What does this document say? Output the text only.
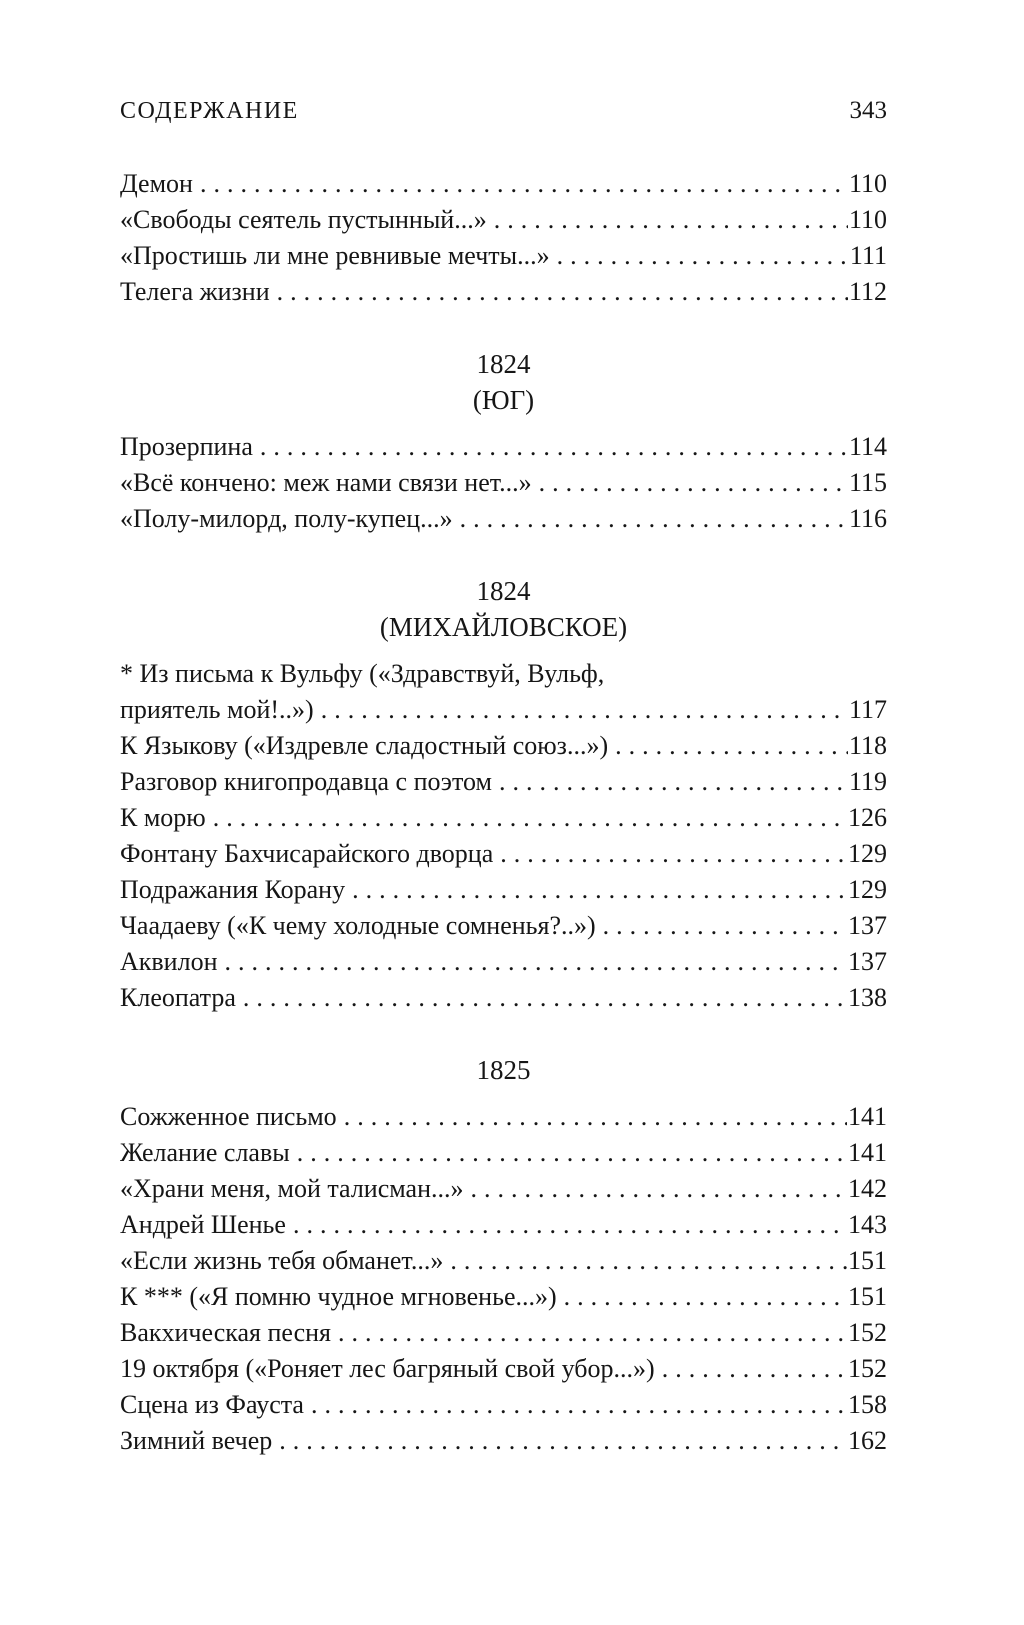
СОДЕРЖАНИЕ	343
Демон .....	110
«Свободы сеятель пустынный...» .....	110
«Простишь ли мне ревнивые мечты...» .....	111
Телега жизни .....	112
1824
(ЮГ)
Прозерпина .....	114
«Всё кончено: меж нами связи нет...» .....	115
«Полу-милорд, полу-купец...» .....	116
1824
(МИХАЙЛОВСКОЕ)
* Из письма к Вульфу («Здравствуй, Вульф,
приятель мой!..») .....	117
К Языкову («Издревле сладостный союз...») .....	118
Разговор книгопродавца с поэтом .....	119
К морю .....	126
Фонтану Бахчисарайского дворца .....	129
Подражания Корану .....	129
Чаадаеву («К чему холодные сомненья?..») .....	137
Аквилон .....	137
Клеопатра .....	138
1825
Сожженное письмо .....	141
Желание славы .....	141
«Храни меня, мой талисман...» .....	142
Андрей Шенье .....	143
«Если жизнь тебя обманет...» .....	151
К *** («Я помню чудное мгновенье...») .....	151
Вакхическая песня .....	152
19 октября («Роняет лес багряный свой убор...») .....	152
Сцена из Фауста .....	158
Зимний вечер .....	162
